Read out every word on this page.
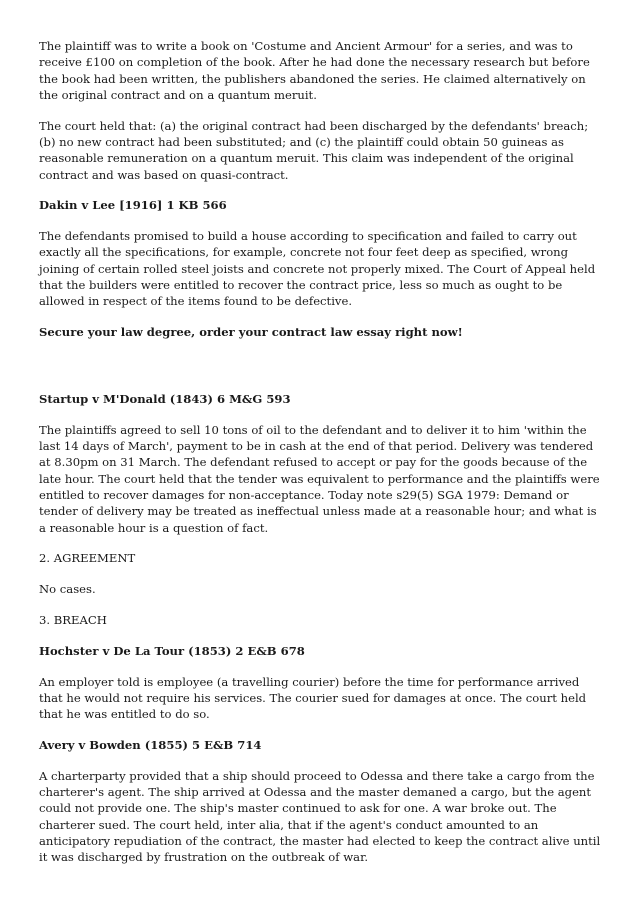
The plaintiff was to write a book on 'Costume and Ancient Armour' for a series, and was to receive £100 on completion of the book. After he had done the necessary research but before the book had been written, the publishers abandoned the series. He claimed alternatively on the original contract and on a quantum meruit.

The court held that: (a) the original contract had been discharged by the defendants' breach; (b) no new contract had been substituted; and (c) the plaintiff could obtain 50 guineas as reasonable remuneration on a quantum meruit. This claim was independent of the original contract and was based on quasi-contract.

Dakin v Lee [1916] 1 KB 566

The defendants promised to build a house according to specification and failed to carry out exactly all the specifications, for example, concrete not four feet deep as specified, wrong joining of certain rolled steel joists and concrete not properly mixed. The Court of Appeal held that the builders were entitled to recover the contract price, less so much as ought to be allowed in respect of the items found to be defective.

Secure your law degree, order your contract law essay right now!

Startup v M'Donald (1843) 6 M&G 593

The plaintiffs agreed to sell 10 tons of oil to the defendant and to deliver it to him 'within the last 14 days of March', payment to be in cash at the end of that period. Delivery was tendered at 8.30pm on 31 March. The defendant refused to accept or pay for the goods because of the late hour. The court held that the tender was equivalent to performance and the plaintiffs were entitled to recover damages for non-acceptance. Today note s29(5) SGA 1979: Demand or tender of delivery may be treated as ineffectual unless made at a reasonable hour; and what is a reasonable hour is a question of fact.

2. AGREEMENT

No cases.

3. BREACH

Hochster v De La Tour (1853) 2 E&B 678

An employer told is employee (a travelling courier) before the time for performance arrived that he would not require his services. The courier sued for damages at once. The court held that he was entitled to do so.

Avery v Bowden (1855) 5 E&B 714

A charterparty provided that a ship should proceed to Odessa and there take a cargo from the charterer's agent. The ship arrived at Odessa and the master demaned a cargo, but the agent could not provide one. The ship's master continued to ask for one. A war broke out. The charterer sued. The court held, inter alia, that if the agent's conduct amounted to an anticipatory repudiation of the contract, the master had elected to keep the contract alive until it was discharged by frustration on the outbreak of war.
